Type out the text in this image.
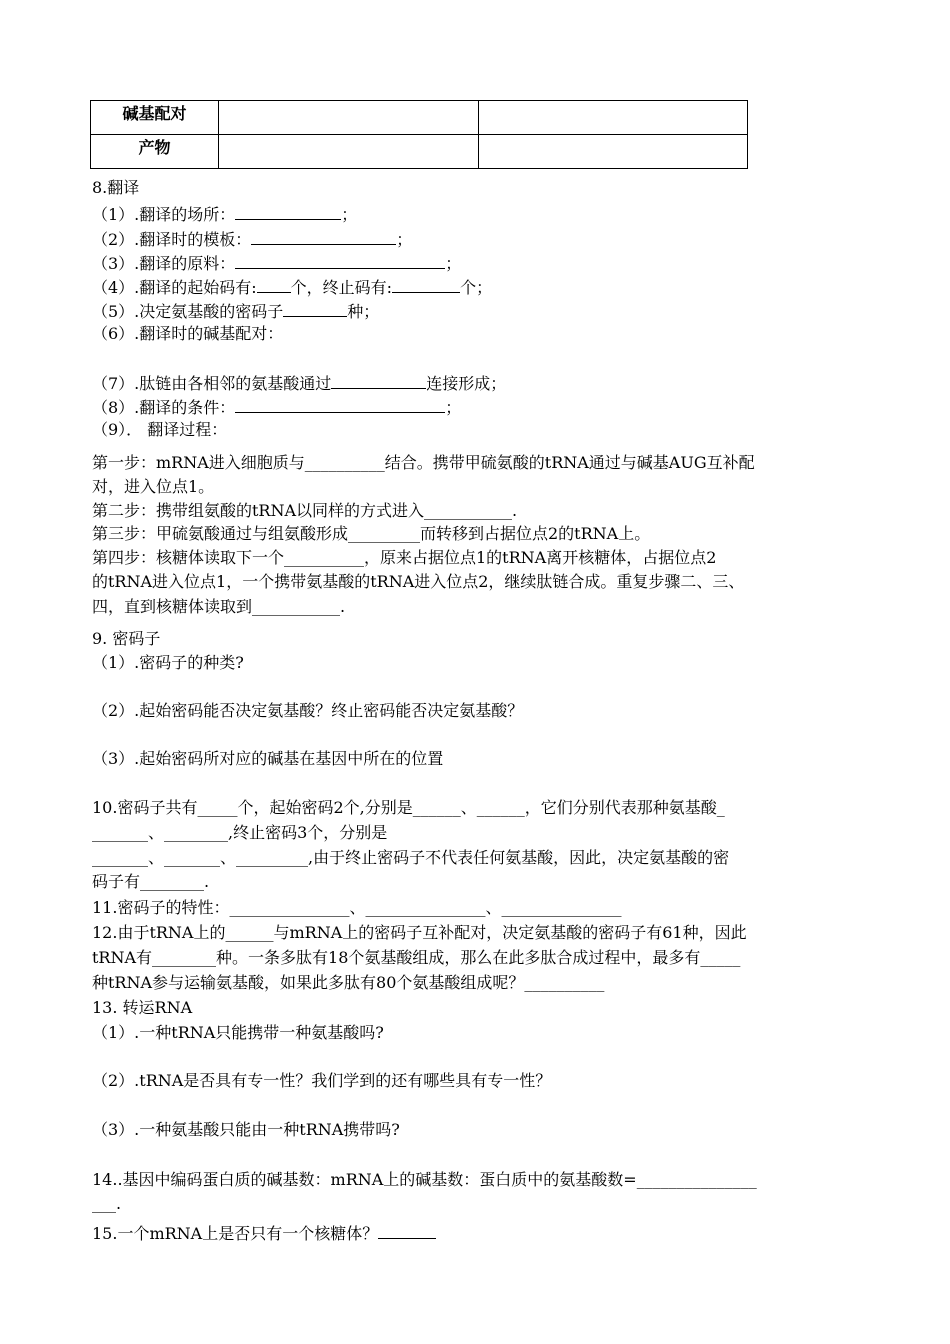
碱基配对		
产物		
8.翻译
（1）.翻译的场所：	；
（2）.翻译时的模板：	；
（3）.翻译的原料：	；
（4）.翻译的起始码有: 个，终止码有:	个；
（5）.决定氨基酸的密码子	种；
（6）.翻译时的碱基配对：
（7）.肽链由各相邻的氨基酸通过	连接形成；
（8）.翻译的条件：	；
（9）． 翻译过程：
第一步：mRNA进入细胞质与__________结合。携带甲硫氨酸的tRNA通过与碱基AUG互补配
对，进入位点1。
第二步：携带组氨酸的tRNA以同样的方式进入___________.
第三步：甲硫氨酸通过与组氨酸形成_________而转移到占据位点2的tRNA上。
第四步：核糖体读取下一个__________，原来占据位点1的tRNA离开核糖体，占据位点2
的tRNA进入位点1，一个携带氨基酸的tRNA进入位点2，继续肽链合成。重复步骤二、三、
四，直到核糖体读取到___________.
9. 密码子
（1）.密码子的种类?
（2）.起始密码能否决定氨基酸？终止密码能否决定氨基酸？
（3）.起始密码所对应的碱基在基因中所在的位置
10.密码子共有_____个，起始密码2个,分别是______、______，它们分别代表那种氨基酸_
_______、________,终止密码3个，分别是
_______、_______、_________,由于终止密码子不代表任何氨基酸，因此，决定氨基酸的密
码子有________.
11.密码子的特性：_______________、_______________、_______________
12.由于tRNA上的______与mRNA上的密码子互补配对，决定氨基酸的密码子有61种，因此
tRNA有________种。一条多肽有18个氨基酸组成，那么在此多肽合成过程中，最多有_____
种tRNA参与运输氨基酸，如果此多肽有80个氨基酸组成呢？__________
13. 转运RNA
（1）.一种tRNA只能携带一种氨基酸吗?
（2）.tRNA是否具有专一性？我们学到的还有哪些具有专一性？
（3）.一种氨基酸只能由一种tRNA携带吗?
14..基因中编码蛋白质的碱基数：mRNA上的碱基数：蛋白质中的氨基酸数=_______________
___.
15.一个mRNA上是否只有一个核糖体？
